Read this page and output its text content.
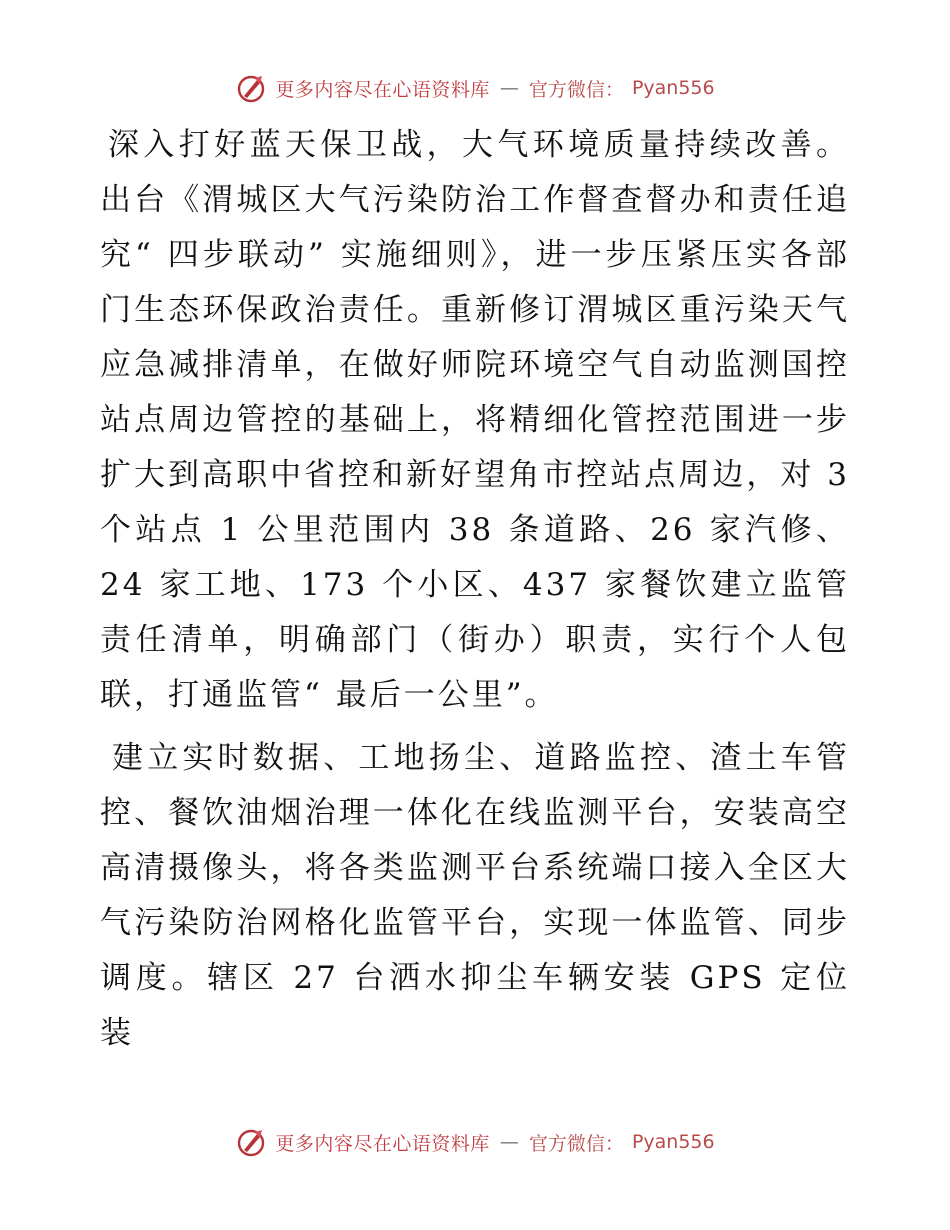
更多内容尽在心语资料库 — 官方微信： Pyan556

深入打好蓝天保卫战，大气环境质量持续改善。出台《渭城区大气污染防治工作督查督办和责任追究“ 四步联动” 实施细则》，进一步压紧压实各部门生态环保政治责任。重新修订渭城区重污染天气应急减排清单，在做好师院环境空气自动监测国控站点周边管控的基础上，将精细化管控范围进一步扩大到高职中省控和新好望角市控站点周边，对 3 个站点 1 公里范围内 38 条道路、26 家汽修、24 家工地、173 个小区、437 家餐饮建立监管责任清单，明确部门（街办）职责，实行个人包联，打通监管“ 最后一公里”。

建立实时数据、工地扬尘、道路监控、渣土车管控、餐饮油烟治理一体化在线监测平台，安装高空高清摄像头，将各类监测平台系统端口接入全区大气污染防治网格化监管平台，实现一体监管、同步调度。辖区 27 台洒水抑尘车辆安装 GPS 定位装

更多内容尽在心语资料库 — 官方微信： Pyan556
